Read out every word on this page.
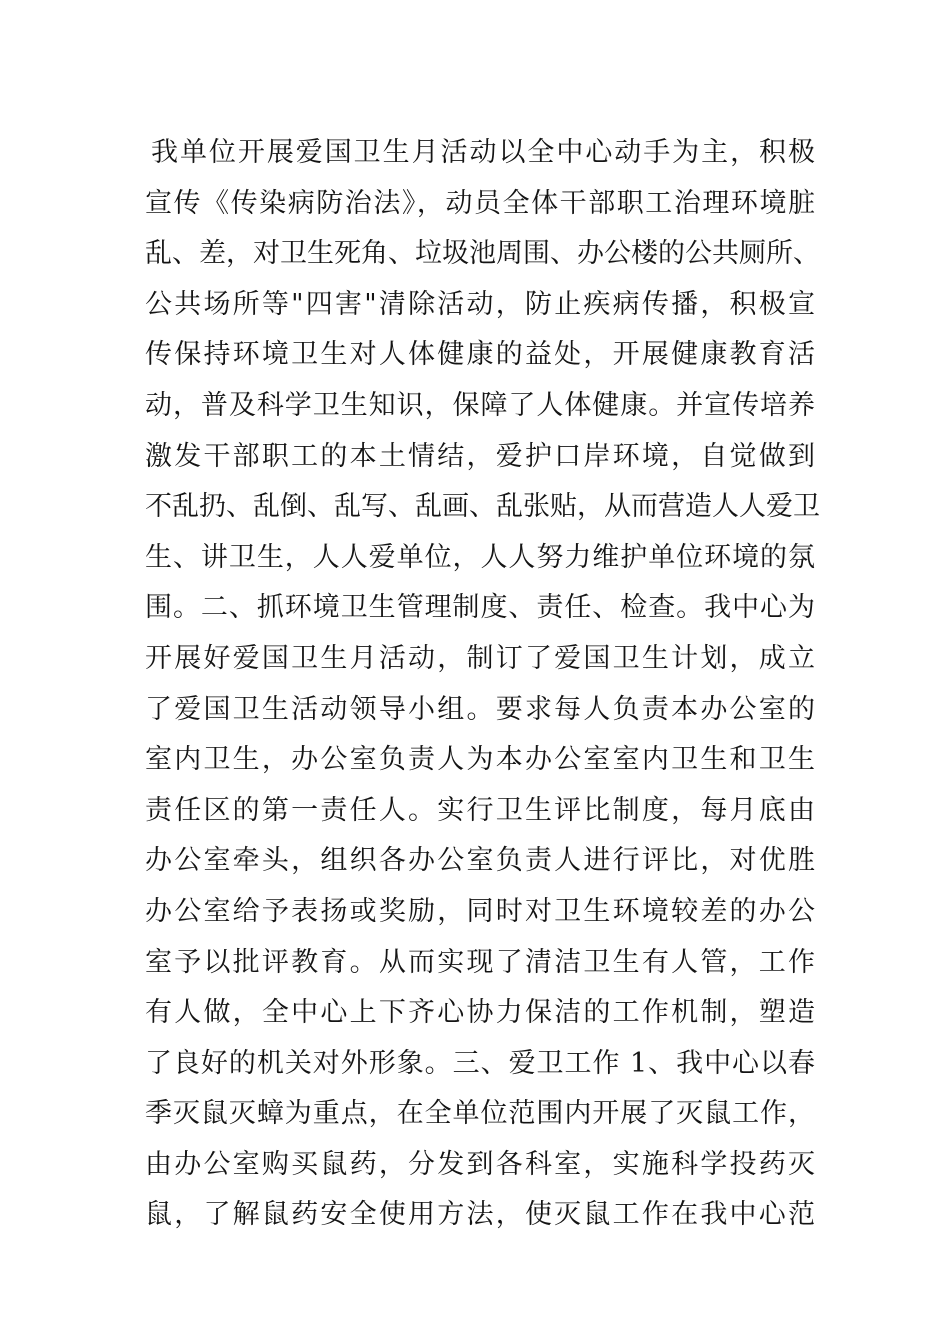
我单位开展爱国卫生月活动以全中心动手为主，积极
宣传《传染病防治法》，动员全体干部职工治理环境脏
乱、差，对卫生死角、垃圾池周围、办公楼的公共厕所、
公共场所等"四害"清除活动，防止疾病传播，积极宣
传保持环境卫生对人体健康的益处，开展健康教育活
动，普及科学卫生知识，保障了人体健康。并宣传培养
激发干部职工的本土情结，爱护口岸环境，自觉做到
不乱扔、乱倒、乱写、乱画、乱张贴，从而营造人人爱卫
生、讲卫生，人人爱单位，人人努力维护单位环境的氛
围。二、抓环境卫生管理制度、责任、检查。我中心为
开展好爱国卫生月活动，制订了爱国卫生计划，成立
了爱国卫生活动领导小组。要求每人负责本办公室的
室内卫生，办公室负责人为本办公室室内卫生和卫生
责任区的第一责任人。实行卫生评比制度，每月底由
办公室牵头，组织各办公室负责人进行评比，对优胜
办公室给予表扬或奖励，同时对卫生环境较差的办公
室予以批评教育。从而实现了清洁卫生有人管，工作
有人做，全中心上下齐心协力保洁的工作机制，塑造
了良好的机关对外形象。三、爱卫工作 1、我中心以春
季灭鼠灭蟑为重点，在全单位范围内开展了灭鼠工作，
由办公室购买鼠药，分发到各科室，实施科学投药灭
鼠，了解鼠药安全使用方法，使灭鼠工作在我中心范
